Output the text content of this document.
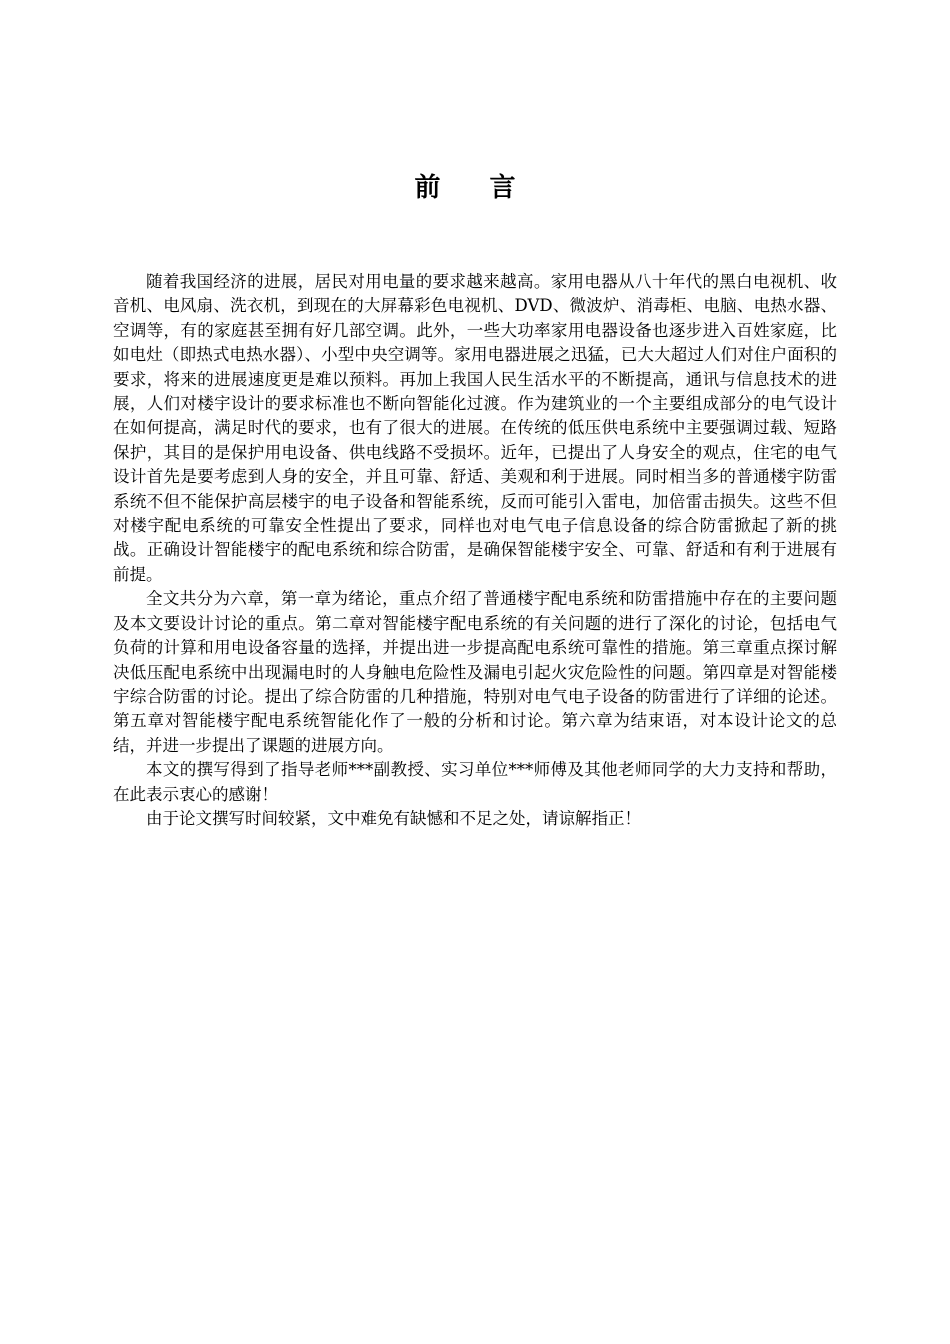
前 言

随着我国经济的进展，居民对用电量的要求越来越高。家用电器从八十年代的黑白电视机、收音机、电风扇、洗衣机，到现在的大屏幕彩色电视机、DVD、微波炉、消毒柜、电脑、电热水器、空调等，有的家庭甚至拥有好几部空调。此外，一些大功率家用电器设备也逐步进入百姓家庭，比如电灶（即热式电热水器）、小型中央空调等。家用电器进展之迅猛，已大大超过人们对住户面积的要求，将来的进展速度更是难以预料。再加上我国人民生活水平的不断提高，通讯与信息技术的进展，人们对楼宇设计的要求标准也不断向智能化过渡。作为建筑业的一个主要组成部分的电气设计在如何提高，满足时代的要求，也有了很大的进展。在传统的低压供电系统中主要强调过载、短路保护，其目的是保护用电设备、供电线路不受损坏。近年，已提出了人身安全的观点，住宅的电气设计首先是要考虑到人身的安全，并且可靠、舒适、美观和利于进展。同时相当多的普通楼宇防雷系统不但不能保护高层楼宇的电子设备和智能系统，反而可能引入雷电，加倍雷击损失。这些不但对楼宇配电系统的可靠安全性提出了要求，同样也对电气电子信息设备的综合防雷掀起了新的挑战。正确设计智能楼宇的配电系统和综合防雷，是确保智能楼宇安全、可靠、舒适和有利于进展有前提。

全文共分为六章，第一章为绪论，重点介绍了普通楼宇配电系统和防雷措施中存在的主要问题及本文要设计讨论的重点。第二章对智能楼宇配电系统的有关问题的进行了深化的讨论，包括电气负荷的计算和用电设备容量的选择，并提出进一步提高配电系统可靠性的措施。第三章重点探讨解决低压配电系统中出现漏电时的人身触电危险性及漏电引起火灾危险性的问题。第四章是对智能楼宇综合防雷的讨论。提出了综合防雷的几种措施，特别对电气电子设备的防雷进行了详细的论述。第五章对智能楼宇配电系统智能化作了一般的分析和讨论。第六章为结束语，对本设计论文的总结，并进一步提出了课题的进展方向。

本文的撰写得到了指导老师***副教授、实习单位***师傅及其他老师同学的大力支持和帮助，在此表示衷心的感谢！

由于论文撰写时间较紧，文中难免有缺憾和不足之处，请谅解指正！
